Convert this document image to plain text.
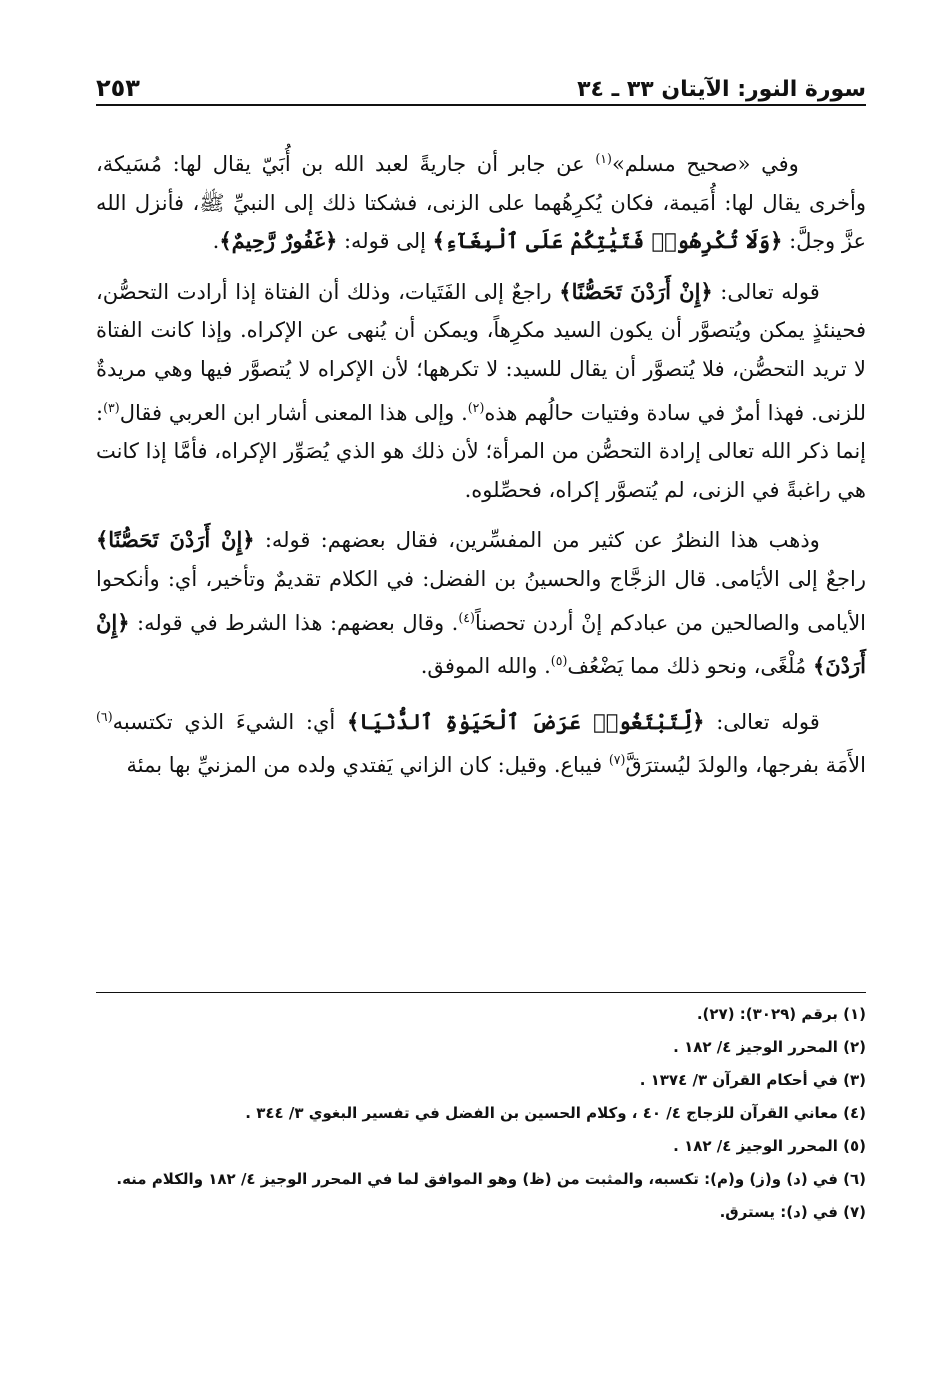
سورة النور: الآيتان ٣٣ ـ ٣٤
٢٥٣

وفي «صحيح مسلم»$^{(١)}$ عن جابر أن جاريةً لعبد الله بن أُبَيّ يقال لها: مُسَيكة، وأخرى يقال لها: أُمَيمة، فكان يُكرِهُهما على الزنى، فشكتا ذلك إلى النبيِّ ﷺ، فأنزل الله عزَّ وجلَّ: ﴿وَلَا تُكْرِهُوا۟ فَتَيَٰتِكُمْ عَلَى ٱلْبِغَآءِ﴾ إلى قوله: ﴿غَفُورٌ رَّحِيمٌ﴾.

قوله تعالى: ﴿إِنْ أَرَدْنَ تَحَصُّنًا﴾ راجعٌ إلى الفَتَيات، وذلك أن الفتاة إذا أرادت التحصُّن، فحينئذٍ يمكن ويُتصوَّر أن يكون السيد مكرِهاً، ويمكن أن يُنهى عن الإكراه. وإذا كانت الفتاة لا تريد التحصُّن، فلا يُتصوَّر أن يقال للسيد: لا تكرهها؛ لأن الإكراه لا يُتصوَّر فيها وهي مريدةٌ للزنى. فهذا أمرٌ في سادة وفتيات حالُهم هذه$^{(٢)}$. وإلى هذا المعنى أشار ابن العربي فقال$^{(٣)}$: إنما ذكر الله تعالى إرادة التحصُّن من المرأة؛ لأن ذلك هو الذي يُصَوِّر الإكراه، فأمَّا إذا كانت هي راغبةً في الزنى، لم يُتصوَّر إكراه، فحصِّلوه.

وذهب هذا النظرُ عن كثير من المفسِّرين، فقال بعضهم: قوله: ﴿إِنْ أَرَدْنَ تَحَصُّنًا﴾ راجعٌ إلى الأيَامى. قال الزجَّاج والحسينُ بن الفضل: في الكلام تقديمٌ وتأخير، أي: وأنكحوا الأيامى والصالحين من عبادكم إنْ أردن تحصناً$^{(٤)}$. وقال بعضهم: هذا الشرط في قوله: ﴿إِنْ أَرَدْنَ﴾ مُلْغًى، ونحو ذلك مما يَضْعُف$^{(٥)}$. والله الموفق.

قوله تعالى: ﴿لِّتَبْتَغُوا۟ عَرَضَ ٱلْحَيَوٰةِ ٱلدُّنْيَا﴾ أي: الشيءَ الذي تكتسبه$^{(٦)}$ الأَمَة بفرجها، والولدَ ليُسترَقَّ$^{(٧)}$ فيباع. وقيل: كان الزاني يَفتدي ولده من المزنيِّ بها بمئة

(١) برقم (٣٠٢٩): (٢٧).
(٢) المحرر الوجيز ٤/ ١٨٢ .
(٣) في أحكام القرآن ٣/ ١٣٧٤ .
(٤) معاني القرآن للزجاج ٤/ ٤٠ ، وكلام الحسين بن الفضل في تفسير البغوي ٣/ ٣٤٤ .
(٥) المحرر الوجيز ٤/ ١٨٢ .
(٦) في (د) و(ز) و(م): تكسبه، والمثبت من (ظ) وهو الموافق لما في المحرر الوجيز ٤/ ١٨٢ والكلام منه.
(٧) في (د): يسترق.
